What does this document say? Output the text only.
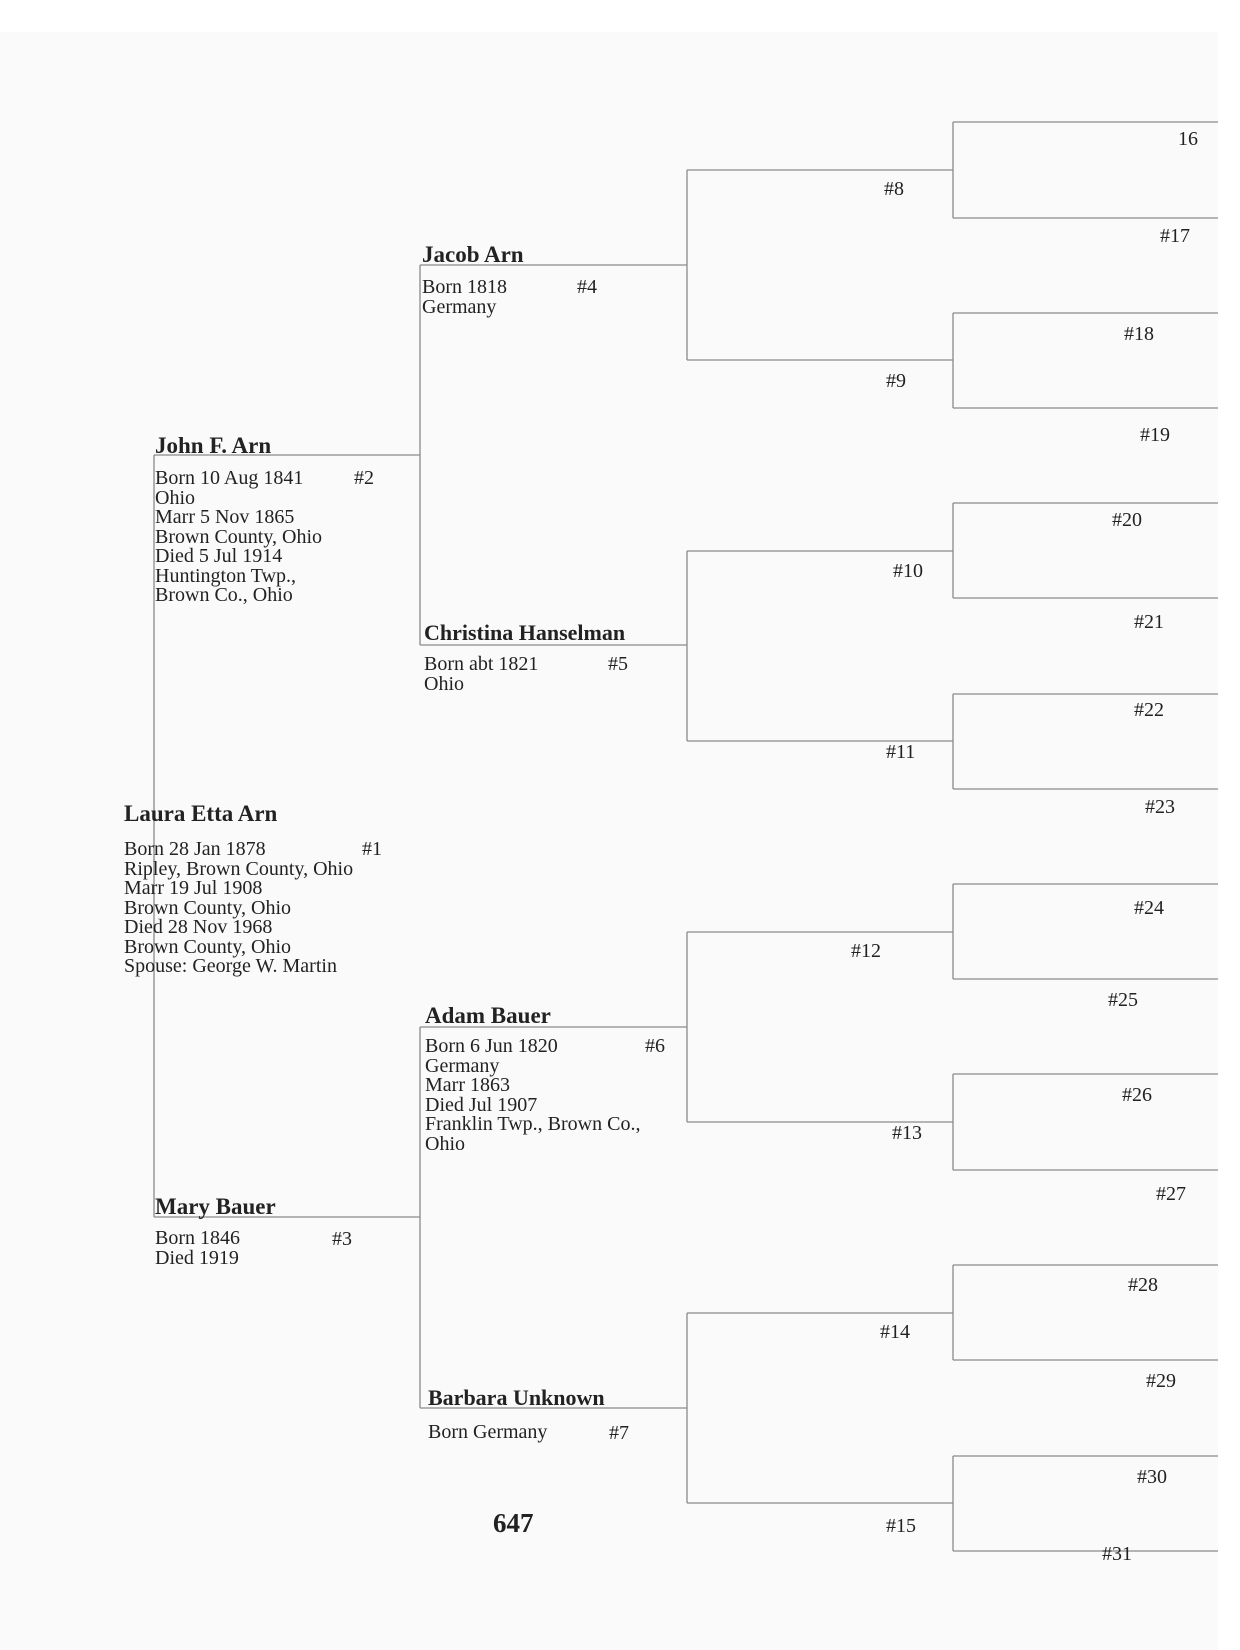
Laura Etta Arn
#1
Born 28 Jan 1878
Ripley, Brown County, Ohio
Marr 19 Jul 1908
Brown County, Ohio
Died 28 Nov 1968
Brown County, Ohio
Spouse: George W. Martin
John F. Arn
#2
Born 10 Aug 1841
Ohio
Marr 5 Nov 1865
Brown County, Ohio
Died 5 Jul 1914
Huntington Twp.,
Brown Co., Ohio
Mary Bauer
#3
Born 1846
Died 1919
Jacob Arn
#4
Born 1818
Germany
Christina Hanselman
#5
Born abt 1821
Ohio
Adam Bauer
#6
Born 6 Jun 1820
Germany
Marr 1863
Died Jul 1907
Franklin Twp., Brown Co.,
Ohio
Barbara Unknown
#7
Born Germany
#8
#9
#10
#11
#12
#13
#14
#15
16
#17
#18
#19
#20
#21
#22
#23
#24
#25
#26
#27
#28
#29
#30
#31
647
